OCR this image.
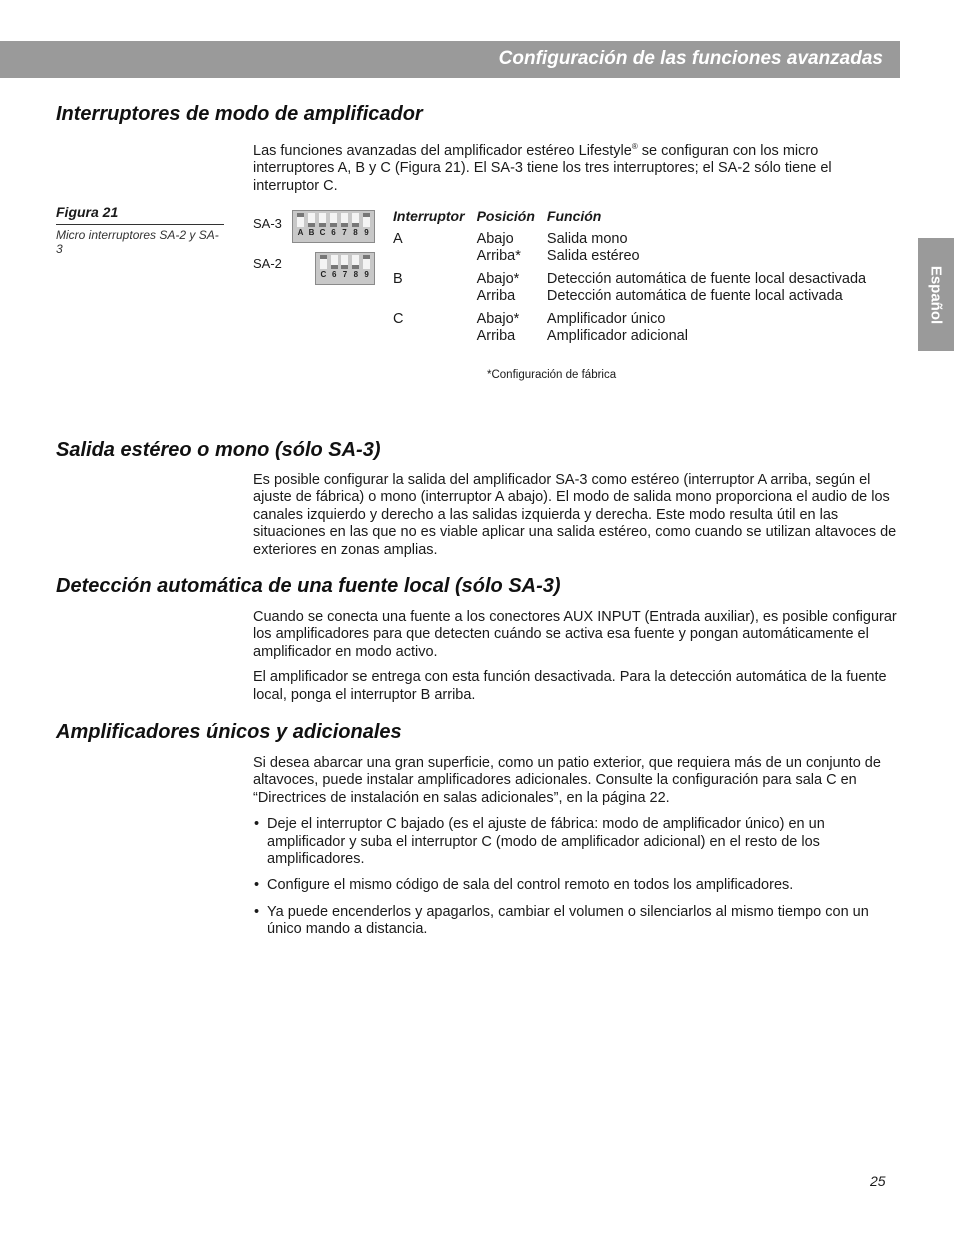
Configuración de las funciones avanzadas
Español
Interruptores de modo de amplificador

Las funciones avanzadas del amplificador estéreo Lifestyle® se configuran con los micro interruptores A, B y C (Figura 21). El SA-3 tiene los tres interruptores; el SA-2 sólo tiene el interruptor C.

Figura 21
Micro interruptores SA-2 y SA-3
SA-3
A B C 6 7 8 9
SA-2
C 6 7 8 9
Interruptor	Posición	Función
A	Abajo	Salida mono
	Arriba*	Salida estéreo
B	Abajo*	Detección automática de fuente local desactivada
	Arriba	Detección automática de fuente local activada
C	Abajo*	Amplificador único
	Arriba	Amplificador adicional
*Configuración de fábrica
Salida estéreo o mono (sólo SA-3)

Es posible configurar la salida del amplificador SA-3 como estéreo (interruptor A arriba, según el ajuste de fábrica) o mono (interruptor A abajo). El modo de salida mono proporciona el audio de los canales izquierdo y derecho a las salidas izquierda y derecha. Este modo resulta útil en las situaciones en las que no es viable aplicar una salida estéreo, como cuando se utilizan altavoces de exteriores en zonas amplias.

Detección automática de una fuente local (sólo SA-3)

Cuando se conecta una fuente a los conectores AUX INPUT (Entrada auxiliar), es posible configurar los amplificadores para que detecten cuándo se activa esa fuente y pongan automáticamente el amplificador en modo activo.

El amplificador se entrega con esta función desactivada. Para la detección automática de la fuente local, ponga el interruptor B arriba.

Amplificadores únicos y adicionales

Si desea abarcar una gran superficie, como un patio exterior, que requiera más de un conjunto de altavoces, puede instalar amplificadores adicionales. Consulte la configuración para sala C en “Directrices de instalación en salas adicionales”, en la página 22.

• Deje el interruptor C bajado (es el ajuste de fábrica: modo de amplificador único) en un amplificador y suba el interruptor C (modo de amplificador adicional) en el resto de los amplificadores.
• Configure el mismo código de sala del control remoto en todos los amplificadores.
• Ya puede encenderlos y apagarlos, cambiar el volumen o silenciarlos al mismo tiempo con un único mando a distancia.
25
